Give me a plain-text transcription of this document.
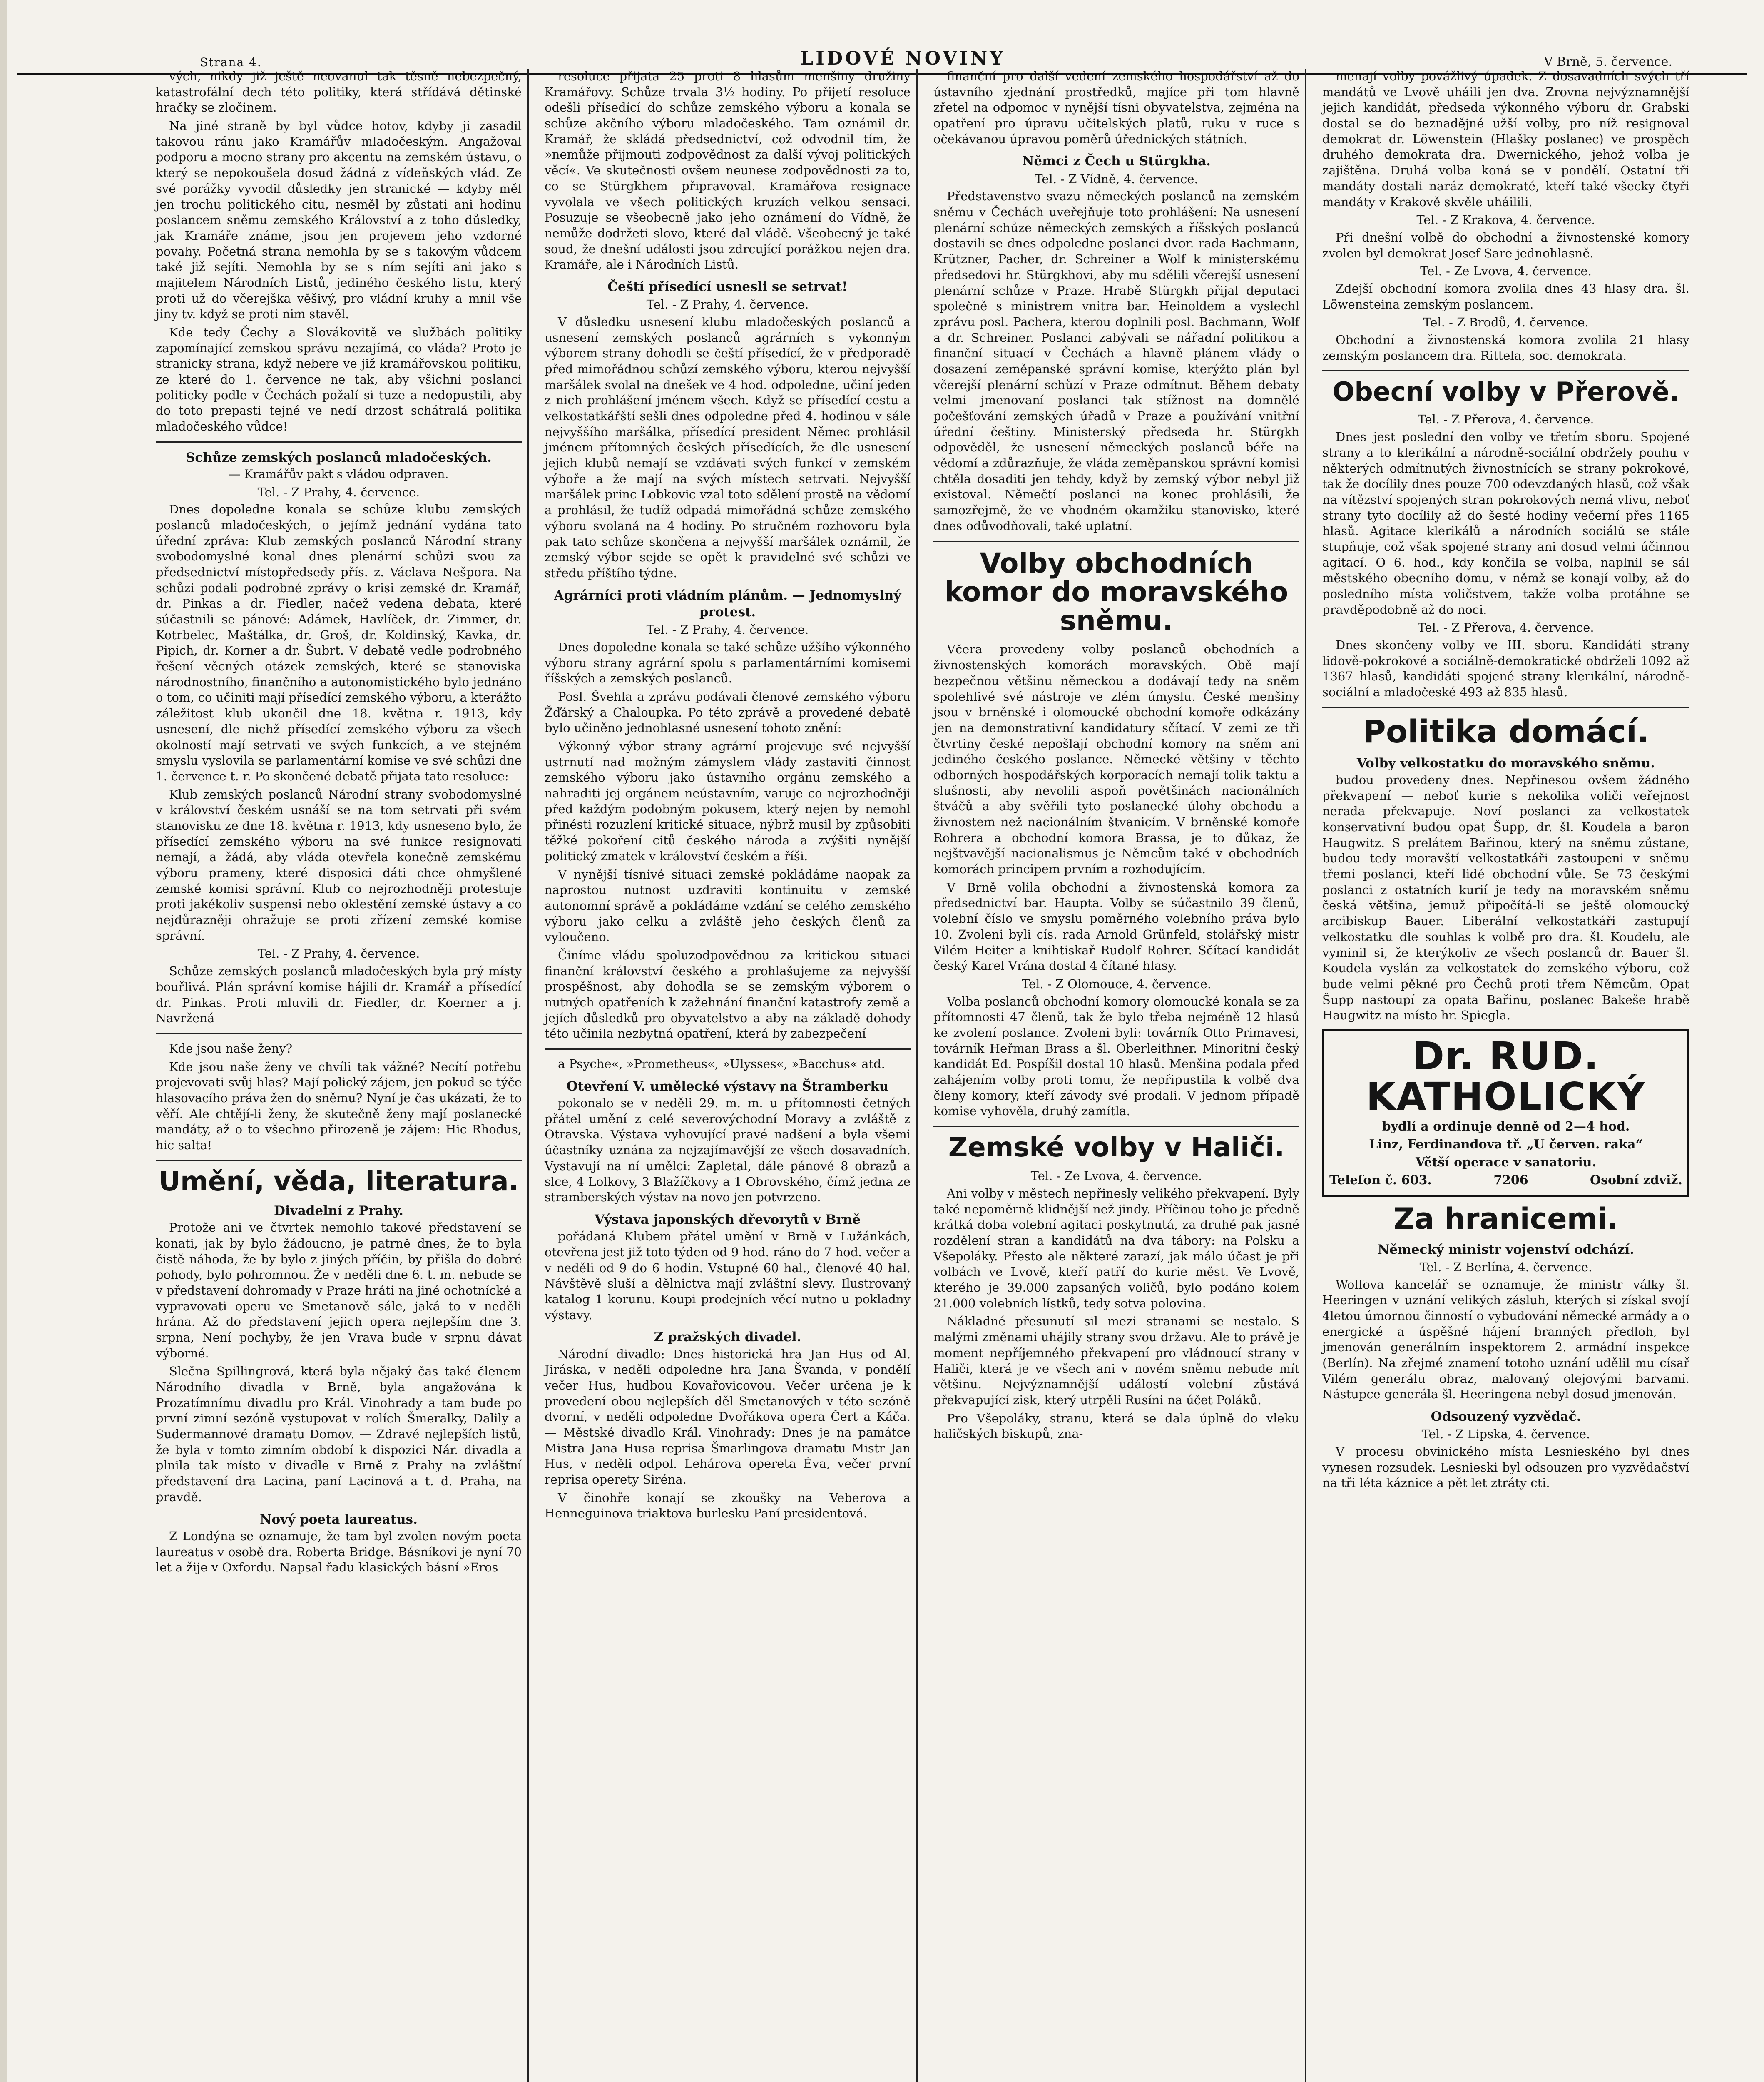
Strana 4.	LIDOVÉ NOVINY	V Brně, 5. července.

vých, nikdy již ještě neovanul tak těsně nebezpečný, katastrofální dech této politiky, která střídává dětinské hračky se zločinem.

Na jiné straně by byl vůdce hotov, kdyby ji zasadil takovou ránu jako Kramářův mladočeským. Angažoval podporu a mocno strany pro akcentu na zemském ústavu, o který se nepokoušela dosud žádná z vídeňských vlád. Ze své porážky vyvodil důsledky jen stranické — kdyby měl jen trochu politického citu, nesměl by zůstati ani hodinu poslancem sněmu zemského Království a z toho důsledky, jak Kramáře známe, jsou jen projevem jeho vzdorné povahy. Početná strana nemohla by se s takovým vůdcem také již sejíti. Nemohla by se s ním sejíti ani jako s majitelem Národních Listů, jediného českého listu, který proti už do včerejška věšivý, pro vládní kruhy a mnil vše jiny tv. když se proti nim stavěl.

Kde tedy Čechy a Slovákovitě ve službách politiky zapomínající zemskou správu nezajímá, co vláda? Proto je stranicky strana, když nebere ve již kramářovskou politiku, ze které do 1. července ne tak, aby všichni poslanci politicky podle v Čechách požalí si tuze a nedopustili, aby do toto prepasti tejné ve nedí drzost schátralá politika mladočeského vůdce!

Schůze zemských poslanců mladočeských.

— Kramářův pakt s vládou odpraven.

Tel. - Z Prahy, 4. července.

Dnes dopoledne konala se schůze klubu zemských poslanců mladočeských, o jejímž jednání vydána tato úřední zpráva: Klub zemských poslanců Národní strany svobodomyslné konal dnes plenární schůzi svou za předsednictví místopředsedy přís. z. Václava Nešpora. Na schůzi podali podrobné zprávy o krisi zemské dr. Kramář, dr. Pinkas a dr. Fiedler, načež vedena debata, které súčastnili se pánové: Adámek, Havlíček, dr. Zimmer, dr. Kotrbelec, Maštálka, dr. Groš, dr. Koldinský, Kavka, dr. Pipich, dr. Korner a dr. Šubrt. V debatě vedle podrobného řešení věcných otázek zemských, které se stanoviska národnostního, finančního a autonomistického bylo jednáno o tom, co učiniti mají přísedící zemského výboru, a kterážto záležitost klub ukončil dne 18. května r. 1913, kdy usnesení, dle nichž přísedící zemského výboru za všech okolností mají setrvati ve svých funkcích, a ve stejném smyslu vyslovila se parlamentární komise ve své schůzi dne 1. července t. r. Po skončené debatě přijata tato resoluce:

Klub zemských poslanců Národní strany svobodomyslné v království českém usnáší se na tom setrvati při svém stanovisku ze dne 18. května r. 1913, kdy usneseno bylo, že přísedící zemského výboru na své funkce resignovati nemají, a žádá, aby vláda otevřela konečně zemskému výboru prameny, které disposici dáti chce ohmyšlené zemské komisi správní. Klub co nejrozhodněji protestuje proti jakékoliv suspensi nebo oklestění zemské ústavy a co nejdůrazněji ohražuje se proti zřízení zemské komise správní.

Tel. - Z Prahy, 4. července.

Schůze zemských poslanců mladočeských byla prý místy bouřlivá. Plán správní komise hájili dr. Kramář a přísedící dr. Pinkas. Proti mluvili dr. Fiedler, dr. Koerner a j. Navržená

Kde jsou naše ženy?

Kde jsou naše ženy ve chvíli tak vážné? Necítí potřebu projevovati svůj hlas? Mají polický zájem, jen pokud se týče hlasovacího práva žen do sněmu? Nyní je čas ukázati, že to věří. Ale chtějí-li ženy, že skutečně ženy mají poslanecké mandáty, až o to všechno přirozeně je zájem: Hic Rhodus, hic salta!

Umění, věda, literatura.

Divadelní z Prahy.

Protože ani ve čtvrtek nemohlo takové představení se konati, jak by bylo žádoucno, je patrně dnes, že to byla čistě náhoda, že by bylo z jiných příčin, by přišla do dobré pohody, bylo pohromnou. Že v neděli dne 6. t. m. nebude se v představení dohromady v Praze hráti na jiné ochotnícké a vypravovati operu ve Smetanově sále, jaká to v neděli hrána. Až do představení jejich opera nejlepším dne 3. srpna, Není pochyby, že jen Vrava bude v srpnu dávat výborné.

Slečna Spillingrová, která byla nějaký čas také členem Národního divadla v Brně, byla angažována k Prozatímnímu divadlu pro Král. Vinohrady a tam bude po první zimní sezóně vystupovat v rolích Šmeralky, Dalily a Sudermannové dramatu Domov. — Zdravé nejlepších listů, že byla v tomto zimním období k dispozici Nár. divadla a plnila tak místo v divadle v Brně z Prahy na zvláštní představení dra Lacina, paní Lacinová a t. d. Praha, na pravdě.

Nový poeta laureatus.

Z Londýna se oznamuje, že tam byl zvolen novým poeta laureatus v osobě dra. Roberta Bridge. Básníkovi je nyní 70 let a žije v Oxfordu. Napsal řadu klasických básní »Eros

resoluce přijata 25 proti 8 hlasům menšiny družiny Kramářovy. Schůze trvala 3½ hodiny. Po přijetí resoluce odešli přísedící do schůze zemského výboru a konala se schůze akčního výboru mladočeského. Tam oznámil dr. Kramář, že skládá předsednictví, což odvodnil tím, že »nemůže přijmouti zodpovědnost za další vývoj politických věcí«. Ve skutečnosti ovšem neunese zodpovědnosti za to, co se Stürgkhem připravoval. Kramářova resignace vyvolala ve všech politických kruzích velkou sensaci. Posuzuje se všeobecně jako jeho oznámení do Vídně, že nemůže dodržeti slovo, které dal vládě. Všeobecný je také soud, že dnešní události jsou zdrcující porážkou nejen dra. Kramáře, ale i Národních Listů.

Čeští přísedící usnesli se setrvat!

Tel. - Z Prahy, 4. července.

V důsledku usnesení klubu mladočeských poslanců a usnesení zemských poslanců agrárních s vykonným výborem strany dohodli se čeští přísedící, že v předporadě před mimořádnou schůzí zemského výboru, kterou nejvyšší maršálek svolal na dnešek ve 4 hod. odpoledne, učiní jeden z nich prohlášení jménem všech. Když se přísedící cestu a velkostatkářští sešli dnes odpoledne před 4. hodinou v sále nejvyššího maršálka, přísedící president Němec prohlásil jménem přítomných českých přísedících, že dle usnesení jejich klubů nemají se vzdávati svých funkcí v zemském výboře a že mají na svých místech setrvati. Nejvyšší maršálek princ Lobkovic vzal toto sdělení prostě na vědomí a prohlásil, že tudíž odpadá mimořádná schůze zemského výboru svolaná na 4 hodiny. Po stručném rozhovoru byla pak tato schůze skončena a nejvyšší maršálek oznámil, že zemský výbor sejde se opět k pravidelné své schůzi ve středu příštího týdne.

Agrárníci proti vládním plánům. — Jednomyslný protest.

Tel. - Z Prahy, 4. července.

Dnes dopoledne konala se také schůze užšího výkonného výboru strany agrární spolu s parlamentárními komisemi říšských a zemských poslanců.

Posl. Švehla a zprávu podávali členové zemského výboru Žďárský a Chaloupka. Po této zprávě a provedené debatě bylo učiněno jednohlasné usnesení tohoto znění:

Výkonný výbor strany agrární projevuje své nejvyšší ustrnutí nad možným zámyslem vlády zastaviti činnost zemského výboru jako ústavního orgánu zemského a nahraditi jej orgánem neústavním, varuje co nejrozhodněji před každým podobným pokusem, který nejen by nemohl přinésti rozuzlení kritické situace, nýbrž musil by způsobiti těžké pokoření citů českého národa a zvýšiti nynější politický zmatek v království českém a říši.

V nynější tísnivé situaci zemské pokládáme naopak za naprostou nutnost uzdraviti kontinuitu v zemské autonomní správě a pokládáme vzdání se celého zemského výboru jako celku a zvláště jeho českých členů za vyloučeno.

Činíme vládu spoluzodpovědnou za kritickou situaci finanční království českého a prohlašujeme za nejvyšší prospěšnost, aby dohodla se se zemským výborem o nutných opatřeních k zažehnání finanční katastrofy země a jejích důsledků pro obyvatelstvo a aby na základě dohody této učinila nezbytná opatření, která by zabezpečení

a Psyche«, »Prometheus«, »Ulysses«, »Bacchus« atd.

Otevření V. umělecké výstavy na Štramberku

pokonalo se v neděli 29. m. m. u přítomnosti četných přátel umění z celé severovýchodní Moravy a zvláště z Otravska. Výstava vyhovující pravé nadšení a byla všemi účastníky uznána za nejzajímavější ze všech dosavadních. Vystavují na ní umělci: Zapletal, dále pánové 8 obrazů a slce, 4 Lolkovy, 3 Blažíčkovy a 1 Obrovského, čímž jedna ze stramberských výstav na novo jen potvrzeno.

Výstava japonských dřevorytů v Brně

pořádaná Klubem přátel umění v Brně v Lužánkách, otevřena jest již toto týden od 9 hod. ráno do 7 hod. večer a v neděli od 9 do 6 hodin. Vstupné 60 hal., členové 40 hal. Návštěvě sluší a dělnictva mají zvláštní slevy. Ilustrovaný katalog 1 korunu. Koupi prodejních věcí nutno u pokladny výstavy.

Z pražských divadel.

Národní divadlo: Dnes historická hra Jan Hus od Al. Jiráska, v neděli odpoledne hra Jana Švanda, v pondělí večer Hus, hudbou Kovařovicovou. Večer určena je k provedení obou nejlepších děl Smetanových v této sezóně dvorní, v neděli odpoledne Dvořákova opera Čert a Káča. — Městské divadlo Král. Vinohrady: Dnes je na památce Mistra Jana Husa reprisa Šmarlingova dramatu Mistr Jan Hus, v neděli odpol. Lehárova opereta Éva, večer první reprisa operety Siréna.

V činohře konají se zkoušky na Veberova a Henneguinova triaktova burlesku Paní presidentová.

finanční pro další vedení zemského hospodářství až do ústavního zjednání prostředků, majíce při tom hlavně zřetel na odpomoc v nynější tísni obyvatelstva, zejména na opatření pro úpravu učitelských platů, ruku v ruce s očekávanou úpravou poměrů úřednických státních.

Němci z Čech u Stürgkha.

Tel. - Z Vídně, 4. července.

Představenstvo svazu německých poslanců na zemském sněmu v Čechách uveřejňuje toto prohlášení: Na usnesení plenární schůze německých zemských a říšských poslanců dostavili se dnes odpoledne poslanci dvor. rada Bachmann, Krützner, Pacher, dr. Schreiner a Wolf k ministerskému předsedovi hr. Stürgkhovi, aby mu sdělili včerejší usnesení plenární schůze v Praze. Hrabě Stürgkh přijal deputaci společně s ministrem vnitra bar. Heinoldem a vyslechl zprávu posl. Pachera, kterou doplnili posl. Bachmann, Wolf a dr. Schreiner. Poslanci zabývali se nářadní politikou a finanční situací v Čechách a hlavně plánem vlády o dosazení zeměpanské správní komise, kterýžto plán byl včerejší plenární schůzí v Praze odmítnut. Během debaty velmi jmenovaní poslanci tak stížnost na domnělé počešťování zemských úřadů v Praze a používání vnitřní úřední češtiny. Ministerský předseda hr. Stürgkh odpověděl, že usnesení německých poslanců béře na vědomí a zdůrazňuje, že vláda zeměpanskou správní komisi chtěla dosaditi jen tehdy, když by zemský výbor nebyl již existoval. Němečtí poslanci na konec prohlásili, že samozřejmě, že ve vhodném okamžiku stanovisko, které dnes odůvodňovali, také uplatní.

Volby obchodních komor do moravského sněmu.

Včera provedeny volby poslanců obchodních a živnostenských komorách moravských. Obě mají bezpečnou většinu německou a dodávají tedy na sněm spolehlivé své nástroje ve zlém úmyslu. České menšiny jsou v brněnské i olomoucké obchodní komoře odkázány jen na demonstrativní kandidatury sčítací. V zemi ze tři čtvrtiny české nepošlají obchodní komory na sněm ani jediného českého poslance. Německé většiny v těchto odborných hospodářských korporacích nemají tolik taktu a slušnosti, aby nevolili aspoň povětšinách nacionálních štváčů a aby svěřili tyto poslanecké úlohy obchodu a živnostem než nacionálním štvanicím. V brněnské komoře Rohrera a obchodní komora Brassa, je to důkaz, že nejštvavější nacionalismus je Němcům také v obchodních komorách principem prvním a rozhodujícím.

V Brně volila obchodní a živnostenská komora za předsednictví bar. Haupta. Volby se súčastnilo 39 členů, volební číslo ve smyslu poměrného volebního práva bylo 10. Zvoleni byli cís. rada Arnold Grünfeld, stolářský mistr Vilém Heiter a knihtiskař Rudolf Rohrer. Sčítací kandidát český Karel Vrána dostal 4 čítané hlasy.

Tel. - Z Olomouce, 4. července.

Volba poslanců obchodní komory olomoucké konala se za přítomnosti 47 členů, tak že bylo třeba nejméně 12 hlasů ke zvolení poslance. Zvoleni byli: továrník Otto Primavesi, továrník Heřman Brass a šl. Oberleithner. Minoritní český kandidát Ed. Pospíšil dostal 10 hlasů. Menšina podala před zahájením volby proti tomu, že nepřipustila k volbě dva členy komory, kteří závody své prodali. V jednom případě komise vyhověla, druhý zamítla.

Zemské volby v Haliči.

Tel. - Ze Lvova, 4. července.

Ani volby v městech nepřinesly velikého překvapení. Byly také nepoměrně klidnější než jindy. Příčinou toho je předně krátká doba volební agitaci poskytnutá, za druhé pak jasné rozdělení stran a kandidátů na dva tábory: na Polsku a Všepoláky. Přesto ale některé zarazí, jak málo účast je při volbách ve Lvově, kteří patří do kurie měst. Ve Lvově, kterého je 39.000 zapsaných voličů, bylo podáno kolem 21.000 volebních lístků, tedy sotva polovina.

Nákladné přesunutí sil mezi stranami se nestalo. S malými změnami uhájily strany svou državu. Ale to právě je moment nepříjemného překvapení pro vládnoucí strany v Haliči, která je ve všech ani v novém sněmu nebude mít většinu. Nejvýznamnější událostí volební zůstává překvapující zisk, který utrpěli Rusíni na účet Poláků.

Pro Všepoláky, stranu, která se dala úplně do vleku haličských biskupů, zna-

menají volby povážlivý úpadek. Z dosavadních svých tří mandátů ve Lvově uháili jen dva. Zrovna nejvýznamnější jejich kandidát, předseda výkonného výboru dr. Grabski dostal se do beznadějné užší volby, pro níž resignoval demokrat dr. Löwenstein (Hlašky poslanec) ve prospěch druhého demokrata dra. Dwernického, jehož volba je zajištěna. Druhá volba koná se v pondělí. Ostatní tři mandáty dostali naráz demokraté, kteří také všecky čtyři mandáty v Krakově skvěle uháilili.

Tel. - Z Krakova, 4. července.

Při dnešní volbě do obchodní a živnostenské komory zvolen byl demokrat Josef Sare jednohlasně.

Tel. - Ze Lvova, 4. července.

Zdejší obchodní komora zvolila dnes 43 hlasy dra. šl. Löwensteina zemským poslancem.

Tel. - Z Brodů, 4. července.

Obchodní a živnostenská komora zvolila 21 hlasy zemským poslancem dra. Rittela, soc. demokrata.

Obecní volby v Přerově.

Tel. - Z Přerova, 4. července.

Dnes jest poslední den volby ve třetím sboru. Spojené strany a to klerikální a národně-sociální obdržely pouhu v některých odmítnutých živnostnících se strany pokrokové, tak že docílily dnes pouze 700 odevzdaných hlasů, což však na vítězství spojených stran pokrokových nemá vlivu, neboť strany tyto docílily až do šesté hodiny večerní přes 1165 hlasů. Agitace klerikálů a národních sociálů se stále stupňuje, což však spojené strany ani dosud velmi účinnou agitací. O 6. hod., kdy končila se volba, naplnil se sál městského obecního domu, v němž se konají volby, až do posledního místa voličstvem, takže volba protáhne se pravděpodobně až do noci.

Tel. - Z Přerova, 4. července.

Dnes skončeny volby ve III. sboru. Kandidáti strany lidově-pokrokové a sociálně-demokratické obdrželi 1092 až 1367 hlasů, kandidáti spojené strany klerikální, národně-sociální a mladočeské 493 až 835 hlasů.

Politika domácí.

Volby velkostatku do moravského sněmu.

budou provedeny dnes. Nepřinesou ovšem žádného překvapení — neboť kurie s nekolika voliči veřejnost nerada překvapuje. Noví poslanci za velkostatek konservativní budou opat Šupp, dr. šl. Koudela a baron Haugwitz. S prelátem Bařinou, který na sněmu zůstane, budou tedy moravští velkostatkáři zastoupeni v sněmu třemi poslanci, kteří lidé obchodní vůle. Se 73 českými poslanci z ostatních kurií je tedy na moravském sněmu česká většina, jemuž připočítá-li se ještě olomoucký arcibiskup Bauer. Liberální velkostatkáři zastupují velkostatku dle souhlas k volbě pro dra. šl. Koudelu, ale vyminil si, že kterýkoliv ze všech poslanců dr. Bauer šl. Koudela vyslán za velkostatek do zemského výboru, což bude velmi pěkné pro Čechů proti třem Němcům. Opat Šupp nastoupí za opata Bařinu, poslanec Bakeše hrabě Haugwitz na místo hr. Spiegla.

Dr. RUD. KATHOLICKÝ
bydlí a ordinuje denně od 2—4 hod.
Linz, Ferdinandova tř. „U červen. raka“
Větší operace v sanatoriu.
Telefon č. 603.	7206	Osobní zdviž.

Za hranicemi.

Německý ministr vojenství odchází.

Tel. - Z Berlína, 4. července.

Wolfova kancelář se oznamuje, že ministr války šl. Heeringen v uznání velikých zásluh, kterých si získal svojí 4letou úmornou činností o vybudování německé armády a o energické a úspěšné hájení branných předloh, byl jmenován generálním inspektorem 2. armádní inspekce (Berlín). Na zřejmé znamení totoho uznání udělil mu císař Vilém generálu obraz, malovaný olejovými barvami. Nástupce generála šl. Heeringena nebyl dosud jmenován.

Odsouzený vyzvědač.

Tel. - Z Lipska, 4. července.

V procesu obvinického místa Lesnieského byl dnes vynesen rozsudek. Lesnieski byl odsouzen pro vyzvědačství na tři léta káznice a pět let ztráty cti.
